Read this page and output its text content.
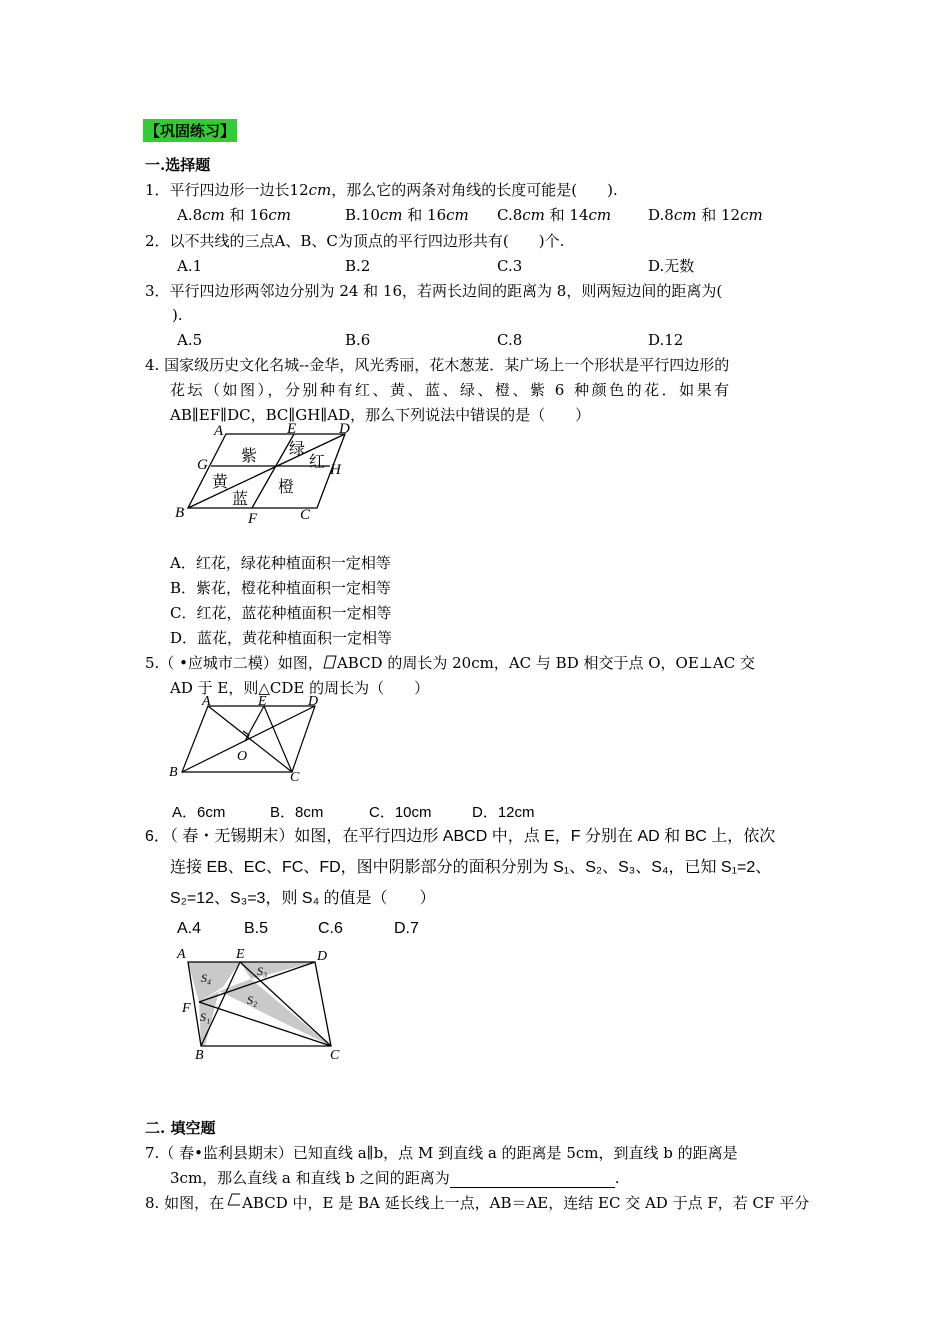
【巩固练习】
一.选择题
1．平行四边形一边长12cm，那么它的两条对角线的长度可能是(　　).
A.8cm 和 16cm	B.10cm 和 16cm C.8cm 和 14cm D.8cm 和 12cm
2．以不共线的三点A、B、C为顶点的平行四边形共有(　　)个.
A.1	B.2	C.3	D.无数
3．平行四边形两邻边分别为 24 和 16，若两长边间的距离为 8，则两短边间的距离为(
).
A.5	B.6	C.8	D.12
4. 国家级历史文化名城--金华，风光秀丽，花木葱茏．某广场上一个形状是平行四边形的
花坛（如图），分别种有红、黄、蓝、绿、橙、紫 6 种颜色的花．如果有
AB∥EF∥DC，BC∥GH∥AD，那么下列说法中错误的是（　　）
A	E	D
G	H
B	F	C
紫 绿
红
黄
蓝
橙
A．红花，绿花种植面积一定相等
B．紫花，橙花种植面积一定相等
C．红花，蓝花种植面积一定相等
D．蓝花，黄花种植面积一定相等
5.（ •应城市二模）如图， ABCD 的周长为 20cm，AC 与 BD 相交于点 O，OE⊥AC 交
AD 于 E，则△CDE 的周长为（　　）
A	E	D
O
B	C
A．6cm	B．8cm	C．10cm	D．12cm
6．（ 春・无锡期末）如图，在平行四边形 ABCD 中，点 E，F 分别在 AD 和 BC 上，依次
连接 EB、EC、FC、FD，图中阴影部分的面积分别为 S₁、S₂、S₃、S₄，已知 S₁=2、
S₂=12、S₃=3，则 S₄ 的值是（　　）
A.4	B.5	C.6	D.7
A	E	D
F
B	C
S₄	S₃
S₂
S₁
二. 填空题
7.（ 春•监利县期末）已知直线 a∥b，点 M 到直线 a 的距离是 5cm，到直线 b 的距离是
3cm，那么直线 a 和直线 b 之间的距离为	.
8. 如图，在 ABCD 中，E 是 BA 延长线上一点，AB＝AE，连结 EC 交 AD 于点 F，若 CF 平分
